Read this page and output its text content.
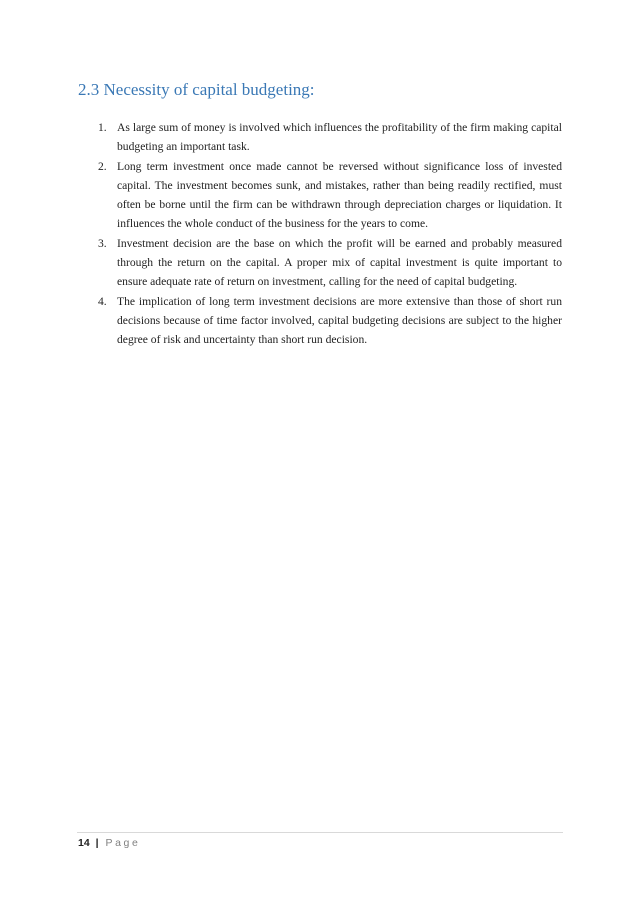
2.3 Necessity of capital budgeting:
1. As large sum of money is involved which influences the profitability of the firm making capital budgeting an important task.
2. Long term investment once made cannot be reversed without significance loss of invested capital. The investment becomes sunk, and mistakes, rather than being readily rectified, must often be borne until the firm can be withdrawn through depreciation charges or liquidation. It influences the whole conduct of the business for the years to come.
3. Investment decision are the base on which the profit will be earned and probably measured through the return on the capital. A proper mix of capital investment is quite important to ensure adequate rate of return on investment, calling for the need of capital budgeting.
4. The implication of long term investment decisions are more extensive than those of short run decisions because of time factor involved, capital budgeting decisions are subject to the higher degree of risk and uncertainty than short run decision.
14 | Page
